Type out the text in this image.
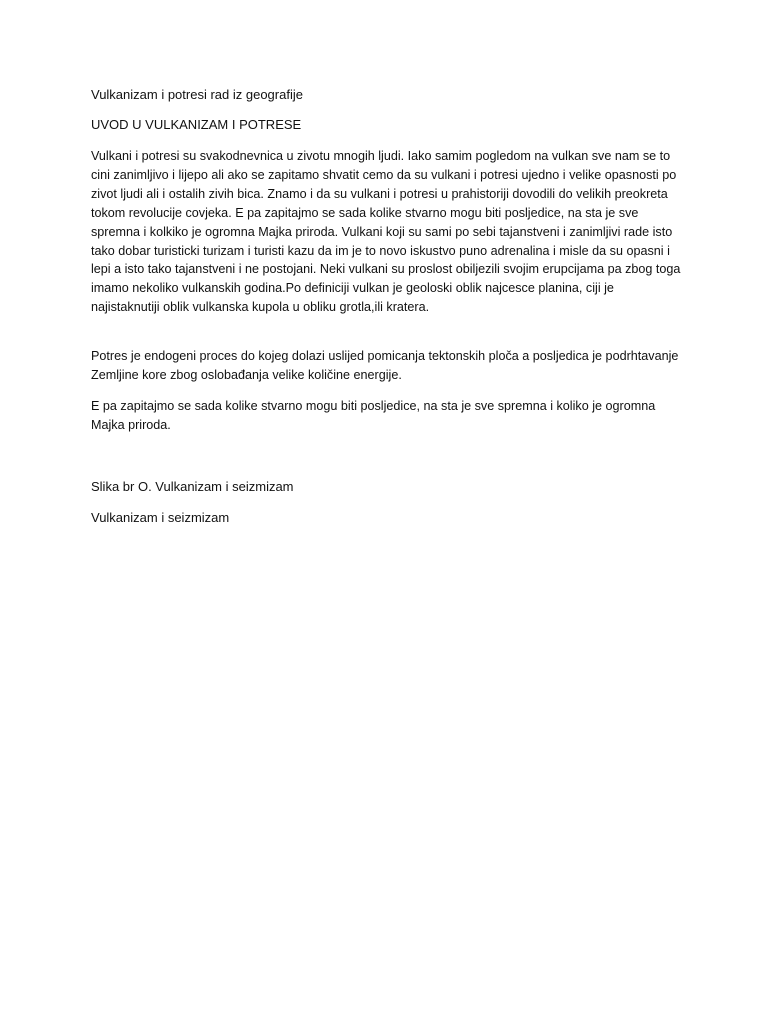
Vulkanizam i potresi rad iz geografije
UVOD U VULKANIZAM I POTRESE

Vulkani i potresi su svakodnevnica u zivotu mnogih ljudi. Iako samim pogledom na vulkan sve nam se to cini zanimljivo i lijepo ali ako se zapitamo shvatit cemo da su vulkani i potresi ujedno i velike opasnosti po zivot ljudi ali i ostalih zivih bica. Znamo i da su vulkani i potresi u prahistoriji dovodili do velikih preokreta tokom revolucije covjeka. E pa zapitajmo se sada kolike stvarno mogu biti posljedice, na sta je sve spremna i kolkiko je ogromna Majka priroda. Vulkani koji su sami po sebi tajanstveni i zanimljivi rade isto tako dobar turisticki turizam i turisti kazu da im je to novo iskustvo puno adrenalina i misle da su opasni i lepi a isto tako tajanstveni i ne postojani. Neki vulkani su proslost obiljezili svojim erupcijama pa zbog toga imamo nekoliko vulkanskih godina.Po definiciji vulkan je geoloski oblik najcesce planina, ciji je najistaknutiji oblik vulkanska kupola u obliku grotla,ili kratera.

Potres je endogeni proces do kojeg dolazi uslijed pomicanja tektonskih ploča a posljedica je podrhtavanje Zemljine kore zbog oslobađanja velike količine energije.

E pa zapitajmo se sada kolike stvarno mogu biti posljedice, na sta je sve spremna i koliko je ogromna Majka priroda.

Slika br O. Vulkanizam i seizmizam
Vulkanizam i seizmizam
